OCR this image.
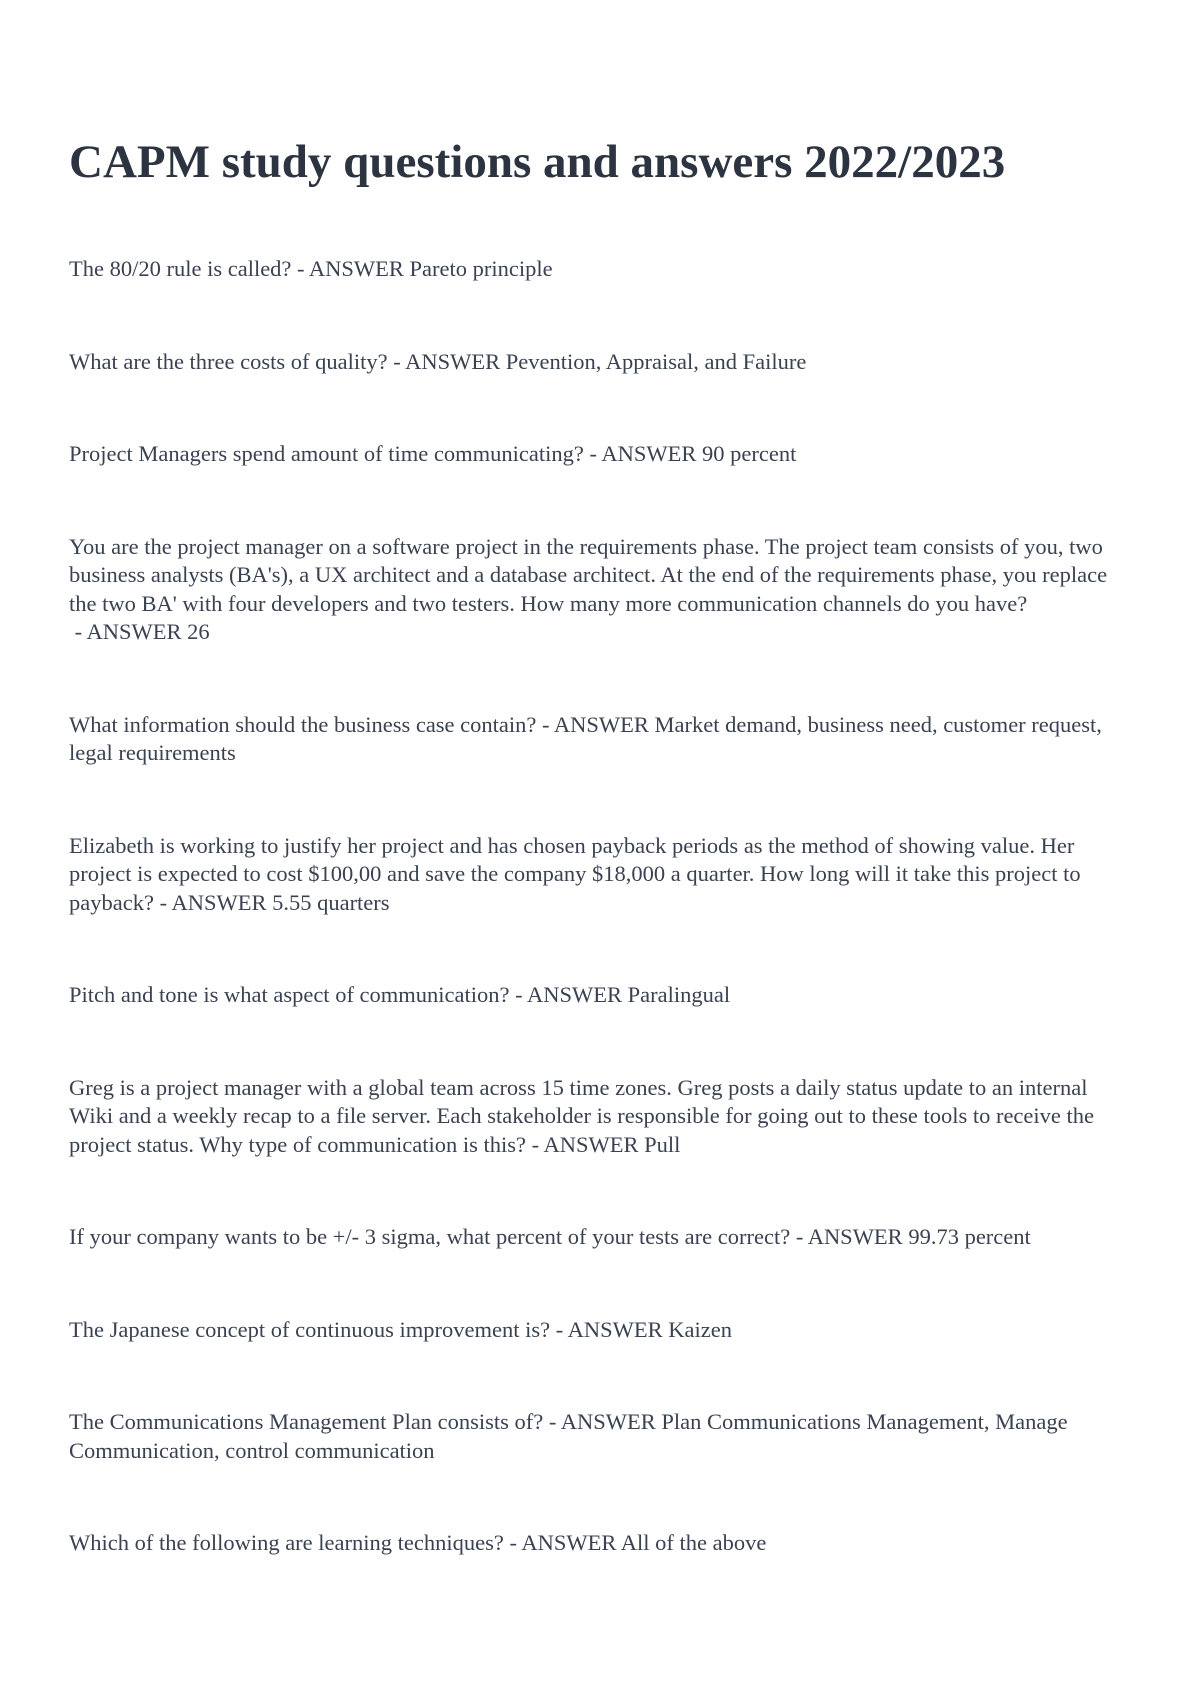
CAPM study questions and answers 2022/2023
The 80/20 rule is called? - ANSWER Pareto principle
What are the three costs of quality? - ANSWER Pevention, Appraisal, and Failure
Project Managers spend amount of time communicating? - ANSWER 90 percent
You are the project manager on a software project in the requirements phase. The project team consists of you, two business analysts (BA's), a UX architect and a database architect. At the end of the requirements phase, you replace the two BA' with four developers and two testers. How many more communication channels do you have? - ANSWER 26
What information should the business case contain? - ANSWER Market demand, business need, customer request, legal requirements
Elizabeth is working to justify her project and has chosen payback periods as the method of showing value. Her project is expected to cost $100,00 and save the company $18,000 a quarter. How long will it take this project to payback? - ANSWER 5.55 quarters
Pitch and tone is what aspect of communication? - ANSWER Paralingual
Greg is a project manager with a global team across 15 time zones. Greg posts a daily status update to an internal Wiki and a weekly recap to a file server. Each stakeholder is responsible for going out to these tools to receive the project status. Why type of communication is this? - ANSWER Pull
If your company wants to be +/- 3 sigma, what percent of your tests are correct? - ANSWER 99.73 percent
The Japanese concept of continuous improvement is? - ANSWER Kaizen
The Communications Management Plan consists of? - ANSWER Plan Communications Management, Manage Communication, control communication
Which of the following are learning techniques? - ANSWER All of the above
